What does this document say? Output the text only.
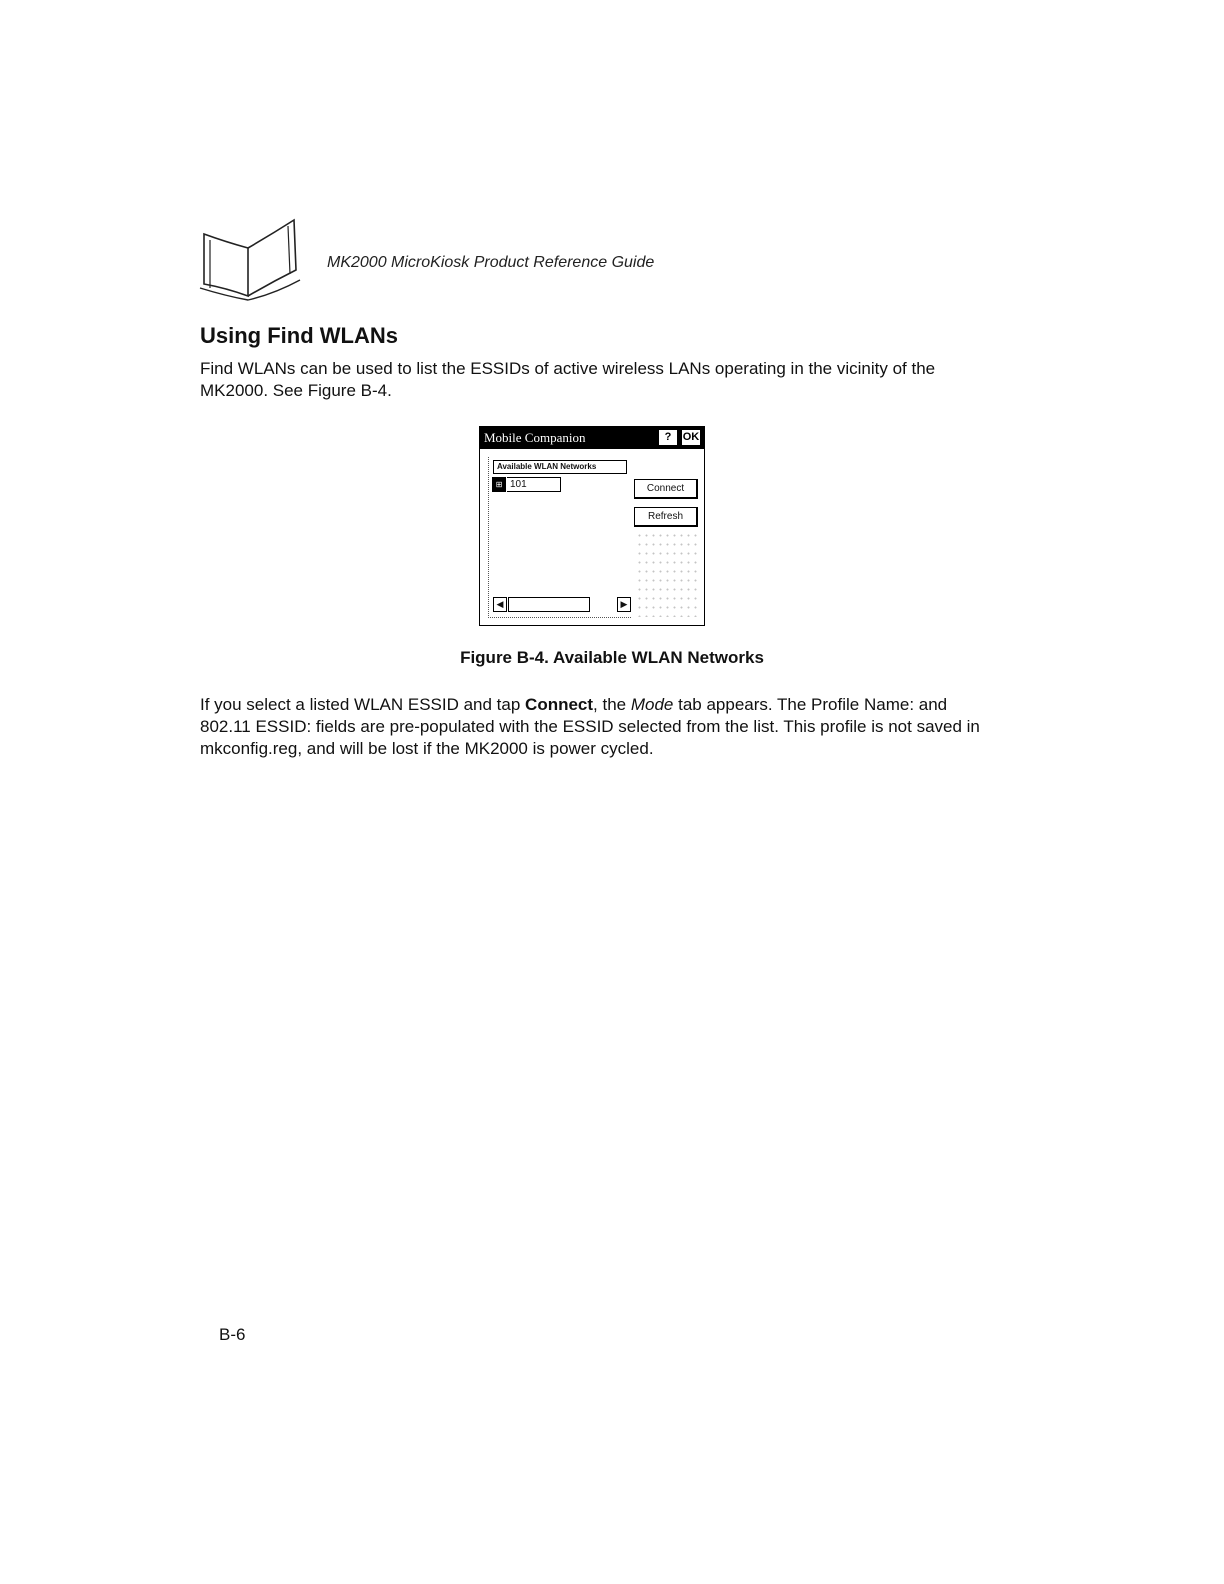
MK2000 MicroKiosk Product Reference Guide
Using Find WLANs

Find WLANs can be used to list the ESSIDs of active wireless LANs operating in the vicinity of the MK2000. See Figure B-4.

Mobile Companion	?	OK
Available WLAN Networks
⊞ 101
◀	▶
Connect
Refresh

Figure B-4. Available WLAN Networks

If you select a listed WLAN ESSID and tap Connect, the Mode tab appears. The Profile Name: and 802.11 ESSID: fields are pre-populated with the ESSID selected from the list. This profile is not saved in mkconfig.reg, and will be lost if the MK2000 is power cycled.

B-6
